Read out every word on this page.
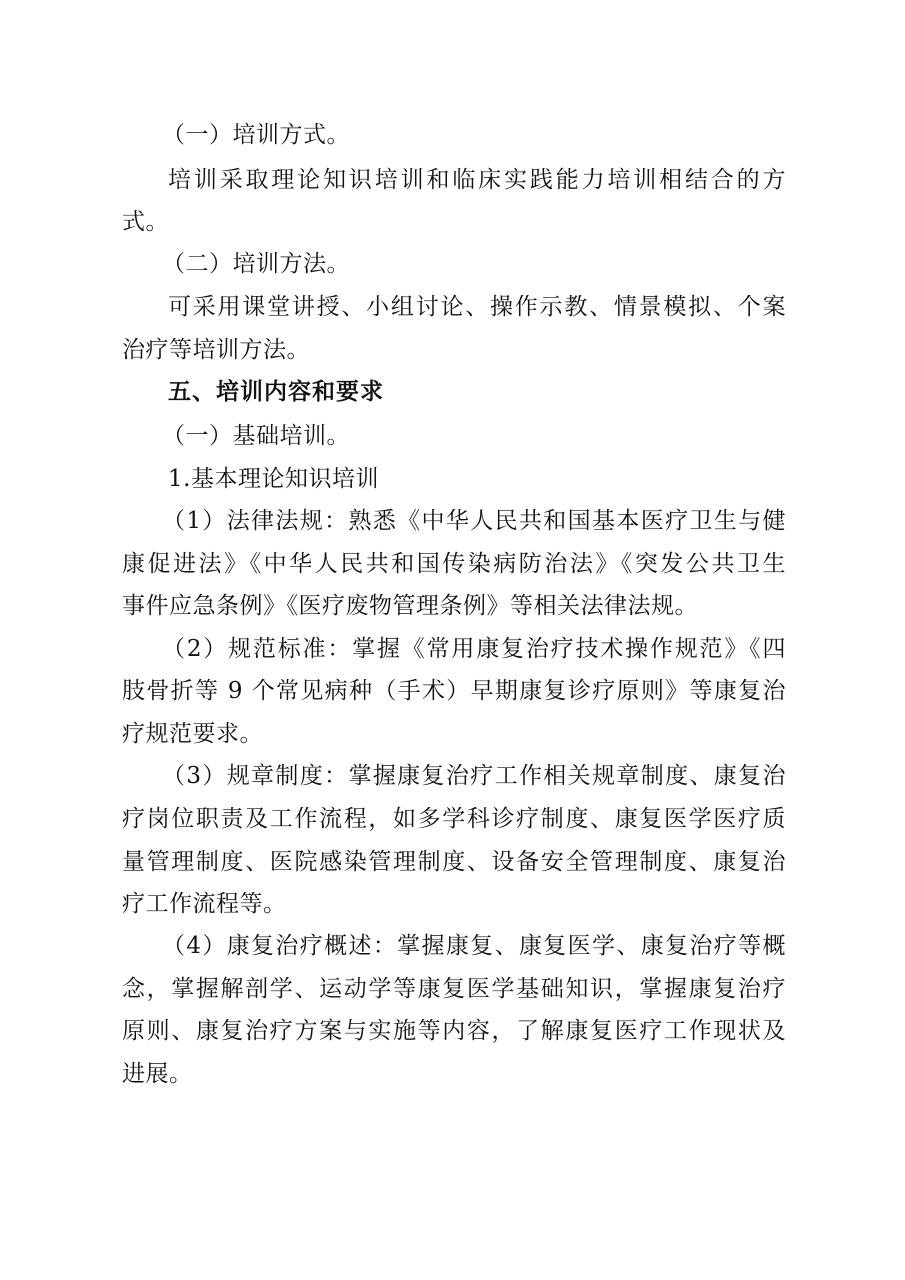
（一）培训方式。
培训采取理论知识培训和临床实践能力培训相结合的方
式。
（二）培训方法。
可采用课堂讲授、小组讨论、操作示教、情景模拟、个案
治疗等培训方法。
五、培训内容和要求
（一）基础培训。
1.基本理论知识培训
（1）法律法规：熟悉《中华人民共和国基本医疗卫生与健
康促进法》《中华人民共和国传染病防治法》《突发公共卫生
事件应急条例》《医疗废物管理条例》等相关法律法规。
（2）规范标准：掌握《常用康复治疗技术操作规范》《四
肢骨折等 9 个常见病种（手术）早期康复诊疗原则》等康复治
疗规范要求。
（3）规章制度：掌握康复治疗工作相关规章制度、康复治
疗岗位职责及工作流程，如多学科诊疗制度、康复医学医疗质
量管理制度、医院感染管理制度、设备安全管理制度、康复治
疗工作流程等。
（4）康复治疗概述：掌握康复、康复医学、康复治疗等概
念，掌握解剖学、运动学等康复医学基础知识，掌握康复治疗
原则、康复治疗方案与实施等内容，了解康复医疗工作现状及
进展。
